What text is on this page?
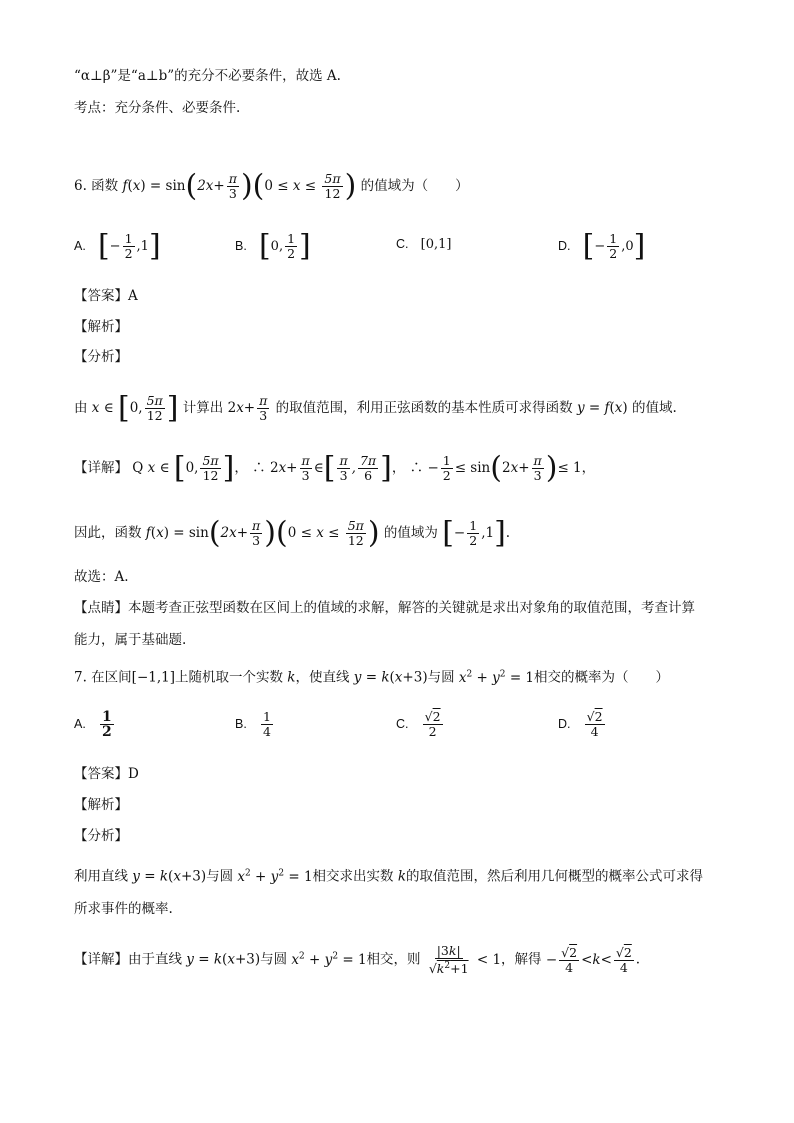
“α⊥β”是“a⊥b”的充分不必要条件，故选 A.
考点：充分条件、必要条件.
6. 函数 $f(x) = \sin(2x+ \frac{\pi}{3} )(0 \le x \le \frac{5\pi}{12}$ ) 的值域为（　　）
A. [− $\frac{1}{2} ,1$]	B. [0, $\frac{1}{2}$ ]	C. [0,1]	D. [− $\frac{1}{2} ,0$]
【答案】A
【解析】
【分析】
由 x ∈ [0, $\frac{5\pi}{12}$ ] 计算出 $2x+ \frac{\pi}{3}$ 的取值范围，利用正弦函数的基本性质可求得函数 y = f(x) 的值域.
【详解】 Q x ∈ [0, $\frac{5\pi}{12}$ ]， ∴ $2x+ \frac{\pi}{3}$ ∈[ $\frac{\pi}{3}$ , $\frac{7\pi}{6}$ ]， ∴ − $\frac{1}{2} \le \sin(2x+ \frac{\pi}{3}$ )≤ 1，
因此，函数 $f(x) = \sin(2x+ \frac{\pi}{3} )(0 \le x \le \frac{5\pi}{12}$ ) 的值域为 [− $\frac{1}{2} ,1$].
故选：A.
【点睛】本题考查正弦型函数在区间上的值域的求解，解答的关键就是求出对象角的取值范围，考查计算
能力，属于基础题.
7. 在区间[−1,1]上随机取一个实数 k，使直线 y = k(x+3)与圆 $x^2 + y^2 = 1$相交的概率为（　　）
A. $\frac{1}{2}$	B. $\frac{1}{4}$	C. $\frac{√2}{2}$	D. $\frac{√2}{4}$
【答案】D
【解析】
【分析】
利用直线 y = k(x+3)与圆 $x^2 + y^2 = 1$相交求出实数 k的取值范围，然后利用几何概型的概率公式可求得
所求事件的概率.
【详解】由于直线 y = k(x+3)与圆 $x^2 + y^2 = 1$相交，则 $\frac{|3k|}{√k^2+1} < 1$，解得 − $\frac{√2}{4} <k< \frac{√2}{4}$ .
